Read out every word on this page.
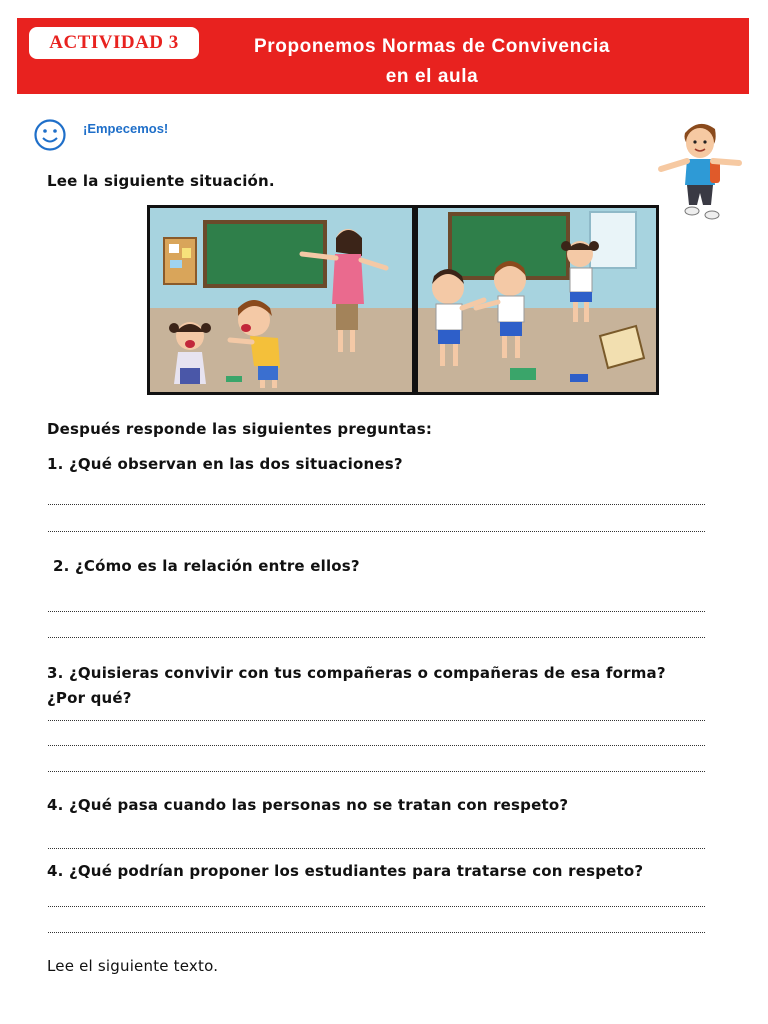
ACTIVIDAD 3	Proponemos Normas de Convivencia
en el aula
¡Empecemos!
Lee la siguiente situación.
Después responde las siguientes preguntas:
1. ¿Qué observan en las dos situaciones?
2. ¿Cómo es la relación entre ellos?
3. ¿Quisieras convivir con tus compañeras o compañeras de esa forma?
¿Por qué?
4. ¿Qué pasa cuando las personas no se tratan con respeto?
4. ¿Qué podrían proponer los estudiantes para tratarse con respeto?
Lee el siguiente texto.
